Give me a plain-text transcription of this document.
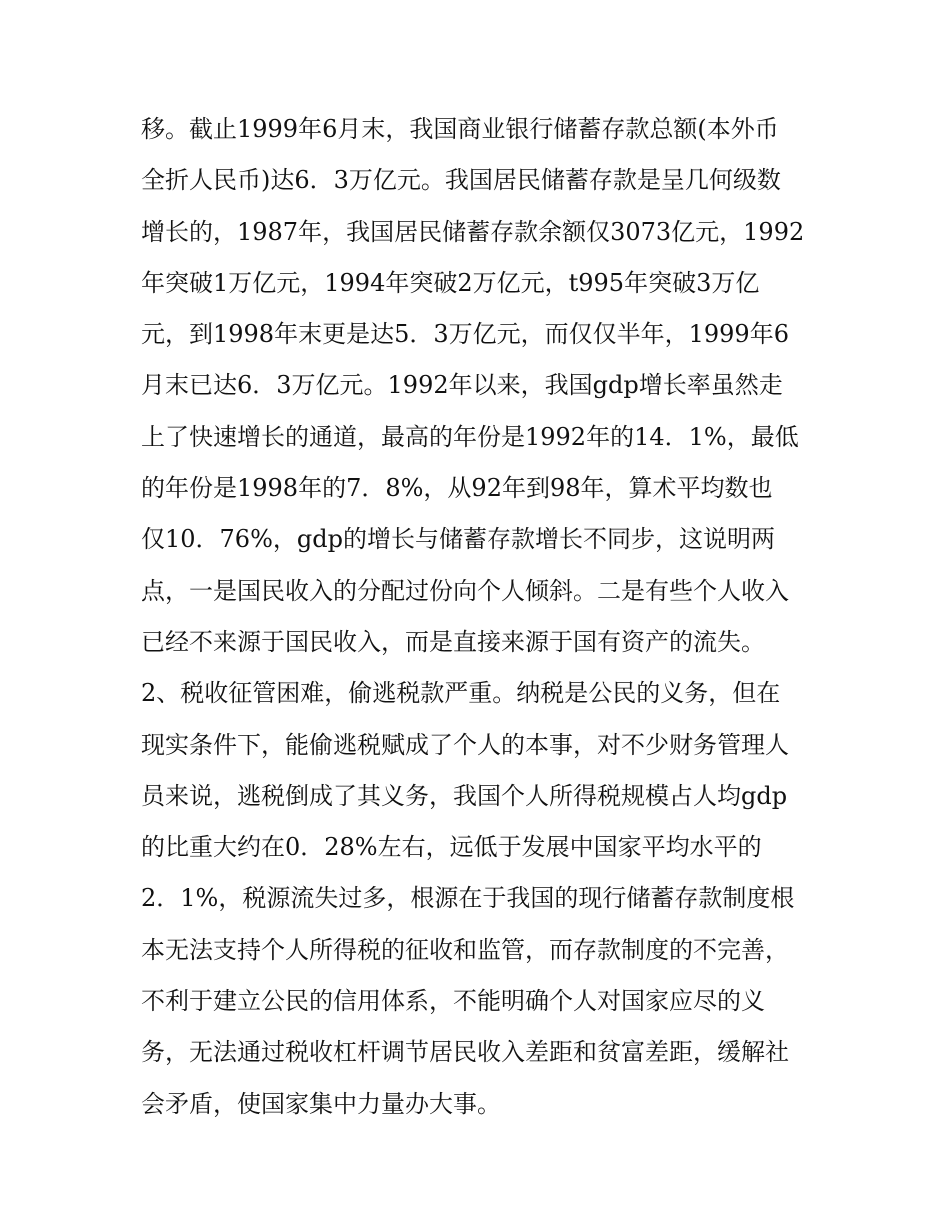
移。截止1999年6月末，我国商业银行储蓄存款总额(本外币
全折人民币)达6．3万亿元。我国居民储蓄存款是呈几何级数
增长的，1987年，我国居民储蓄存款余额仅3073亿元，1992
年突破1万亿元，1994年突破2万亿元，t995年突破3万亿
元，到1998年末更是达5．3万亿元，而仅仅半年，1999年6
月末已达6．3万亿元。1992年以来，我国gdp增长率虽然走
上了快速增长的通道，最高的年份是1992年的14．1%，最低
的年份是1998年的7．8%，从92年到98年，算术平均数也
仅10．76%，gdp的增长与储蓄存款增长不同步，这说明两
点，一是国民收入的分配过份向个人倾斜。二是有些个人收入
已经不来源于国民收入，而是直接来源于国有资产的流失。
2、税收征管困难，偷逃税款严重。纳税是公民的义务，但在
现实条件下，能偷逃税赋成了个人的本事，对不少财务管理人
员来说，逃税倒成了其义务，我国个人所得税规模占人均gdp
的比重大约在0．28%左右，远低于发展中国家平均水平的
2．1%，税源流失过多，根源在于我国的现行储蓄存款制度根
本无法支持个人所得税的征收和监管，而存款制度的不完善，
不利于建立公民的信用体系，不能明确个人对国家应尽的义
务，无法通过税收杠杆调节居民收入差距和贫富差距，缓解社
会矛盾，使国家集中力量办大事。
